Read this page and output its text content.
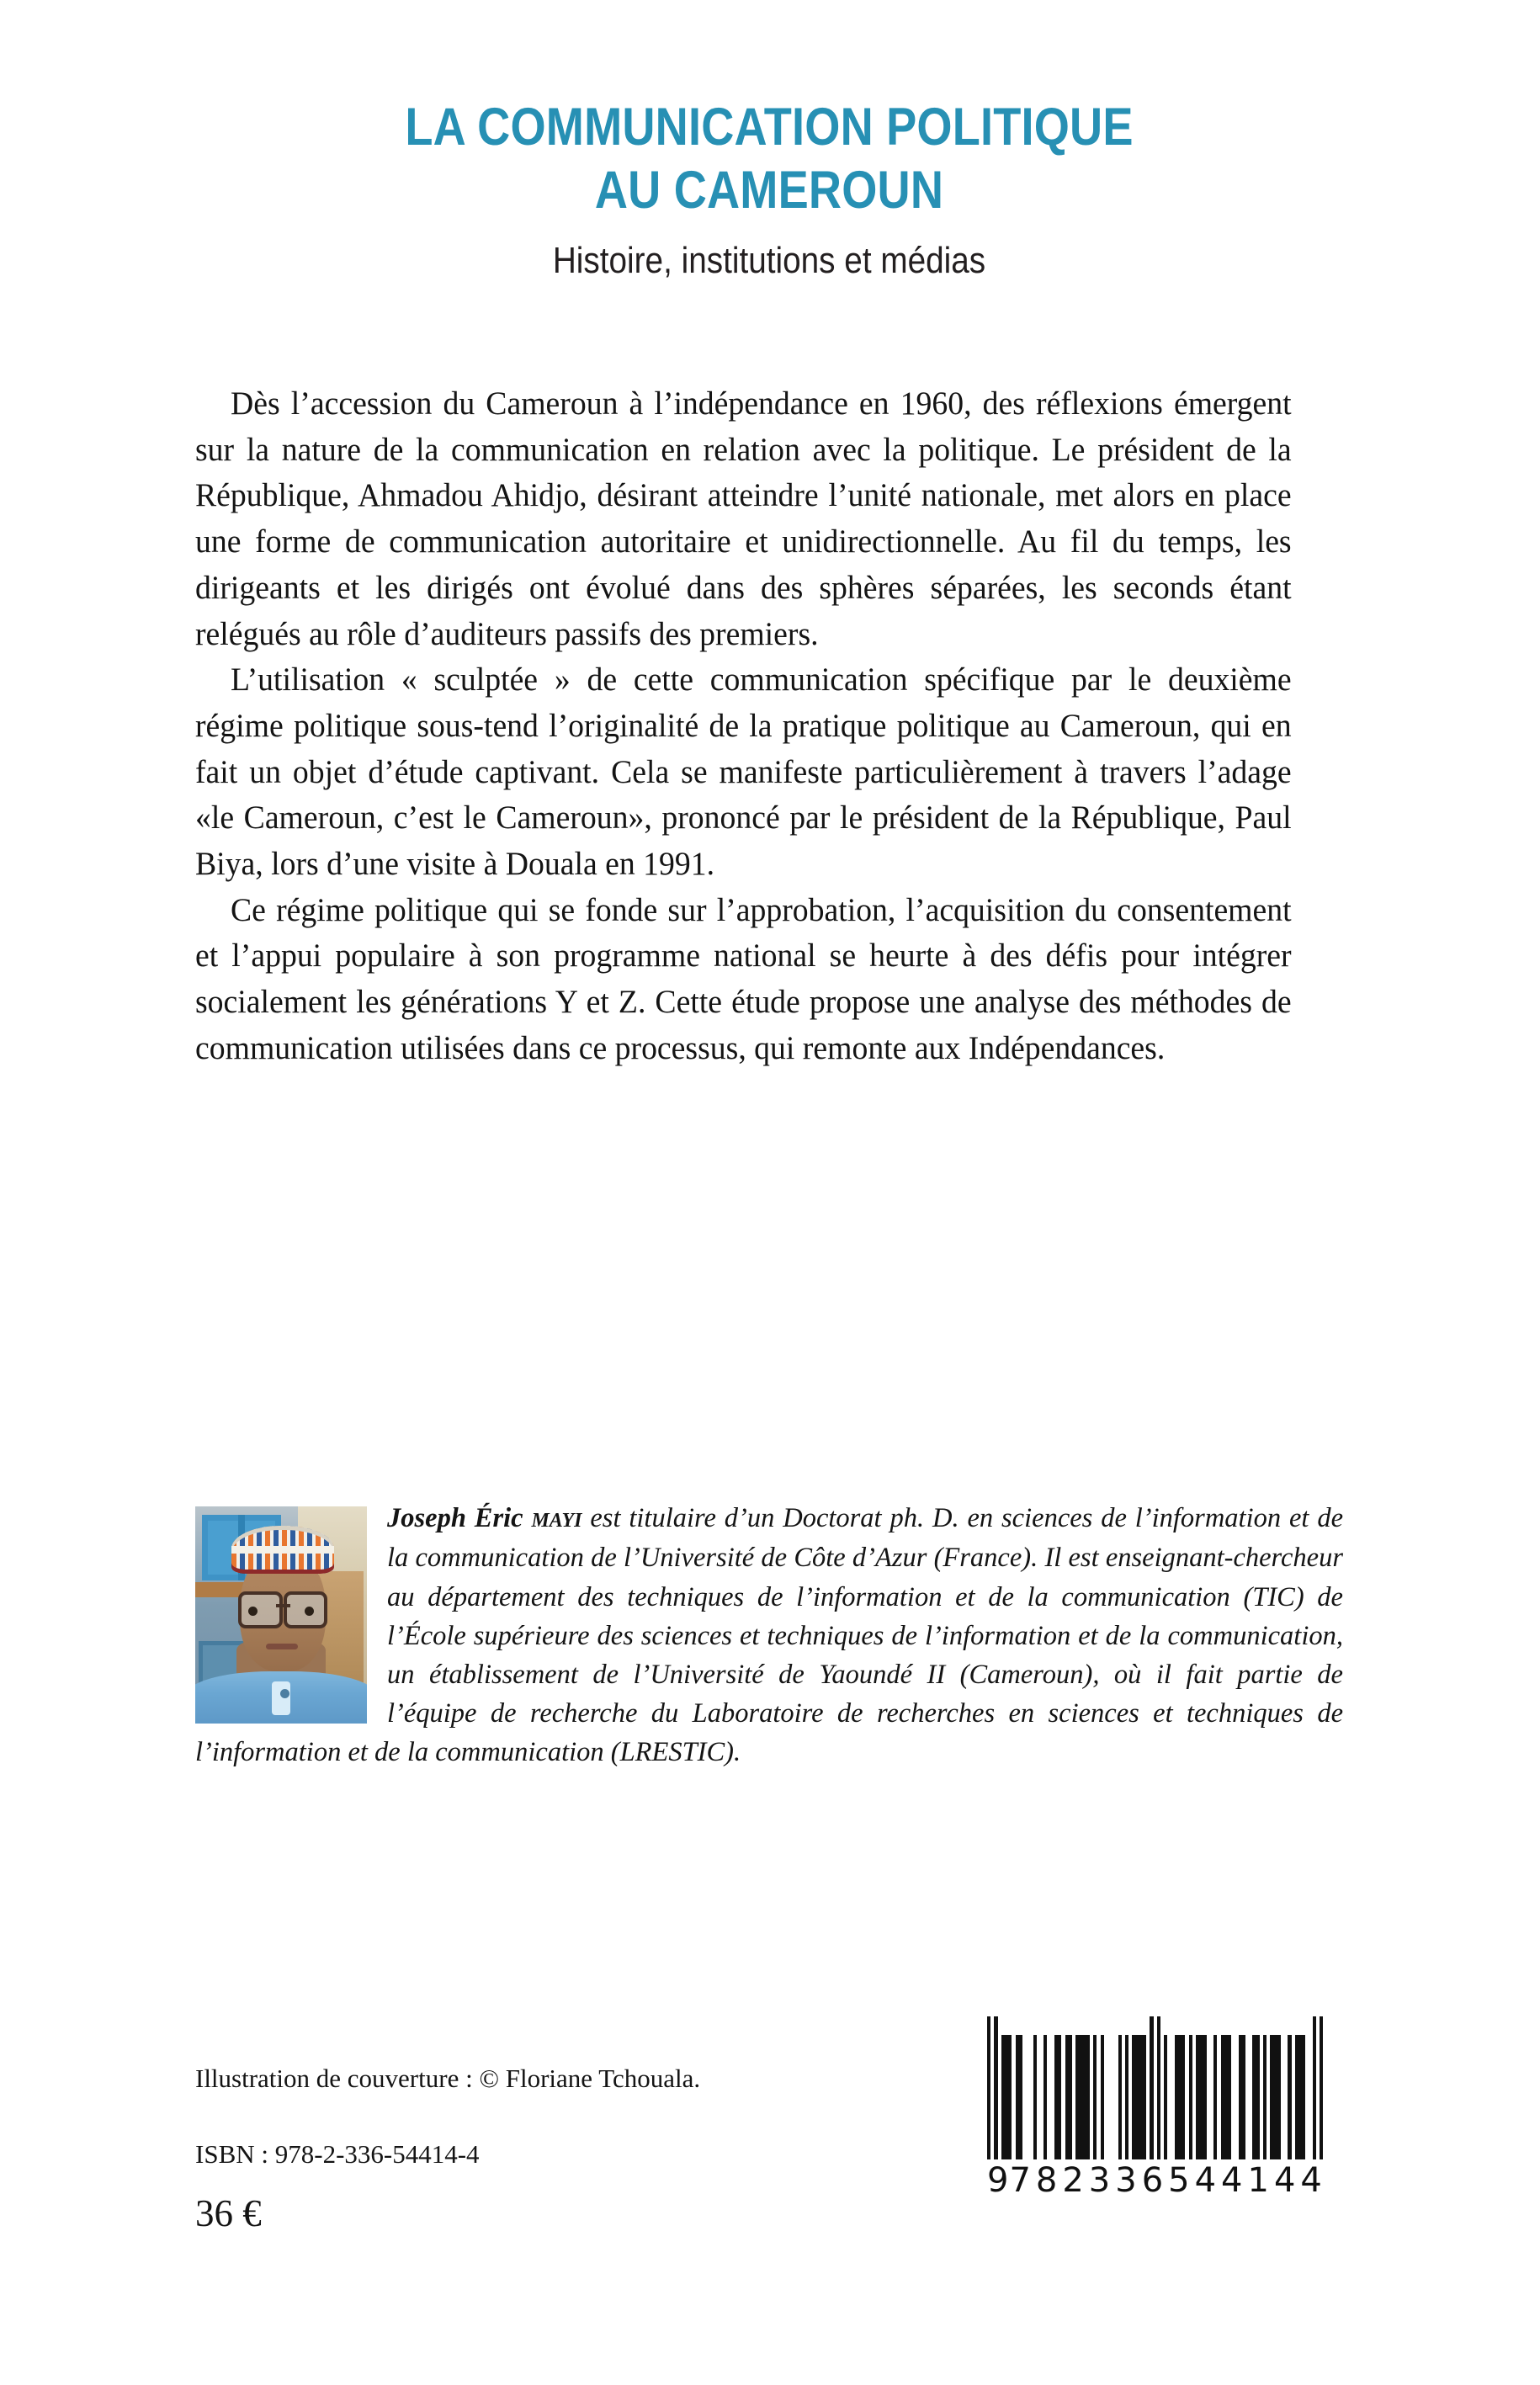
LA COMMUNICATION POLITIQUE
AU CAMEROUN
Histoire, institutions et médias

Dès l’accession du Cameroun à l’indépendance en 1960, des réflexions émergent sur la nature de la communication en relation avec la politique. Le président de la République, Ahmadou Ahidjo, désirant atteindre l’unité nationale, met alors en place une forme de communication autoritaire et unidirectionnelle. Au fil du temps, les dirigeants et les dirigés ont évolué dans des sphères séparées, les seconds étant relégués au rôle d’auditeurs passifs des premiers.

L’utilisation « sculptée » de cette communication spécifique par le deuxième régime politique sous-tend l’originalité de la pratique politique au Cameroun, qui en fait un objet d’étude captivant. Cela se manifeste particulièrement à travers l’adage «le Cameroun, c’est le Cameroun», prononcé par le président de la République, Paul Biya, lors d’une visite à Douala en 1991.

Ce régime politique qui se fonde sur l’approbation, l’acquisition du consentement et l’appui populaire à son programme national se heurte à des défis pour intégrer socialement les générations Y et Z. Cette étude propose une analyse des méthodes de communication utilisées dans ce processus, qui remonte aux Indépendances.

Joseph Éric mayi est titulaire d’un Doctorat ph. D. en sciences de l’information et de la communication de l’Université de Côte d’Azur (France). Il est enseignant-chercheur au département des techniques de l’information et de la communication (TIC) de l’École supérieure des sciences et techniques de l’information et de la communication, un établissement de l’Université de Yaoundé II (Cameroun), où il fait partie de l’équipe de recherche du Laboratoire de recherches en sciences et techniques de l’information et de la communication (LRESTIC).

Illustration de couverture : © Floriane Tchouala.

ISBN : 978-2-336-54414-4

36 €

9 782336 544144
